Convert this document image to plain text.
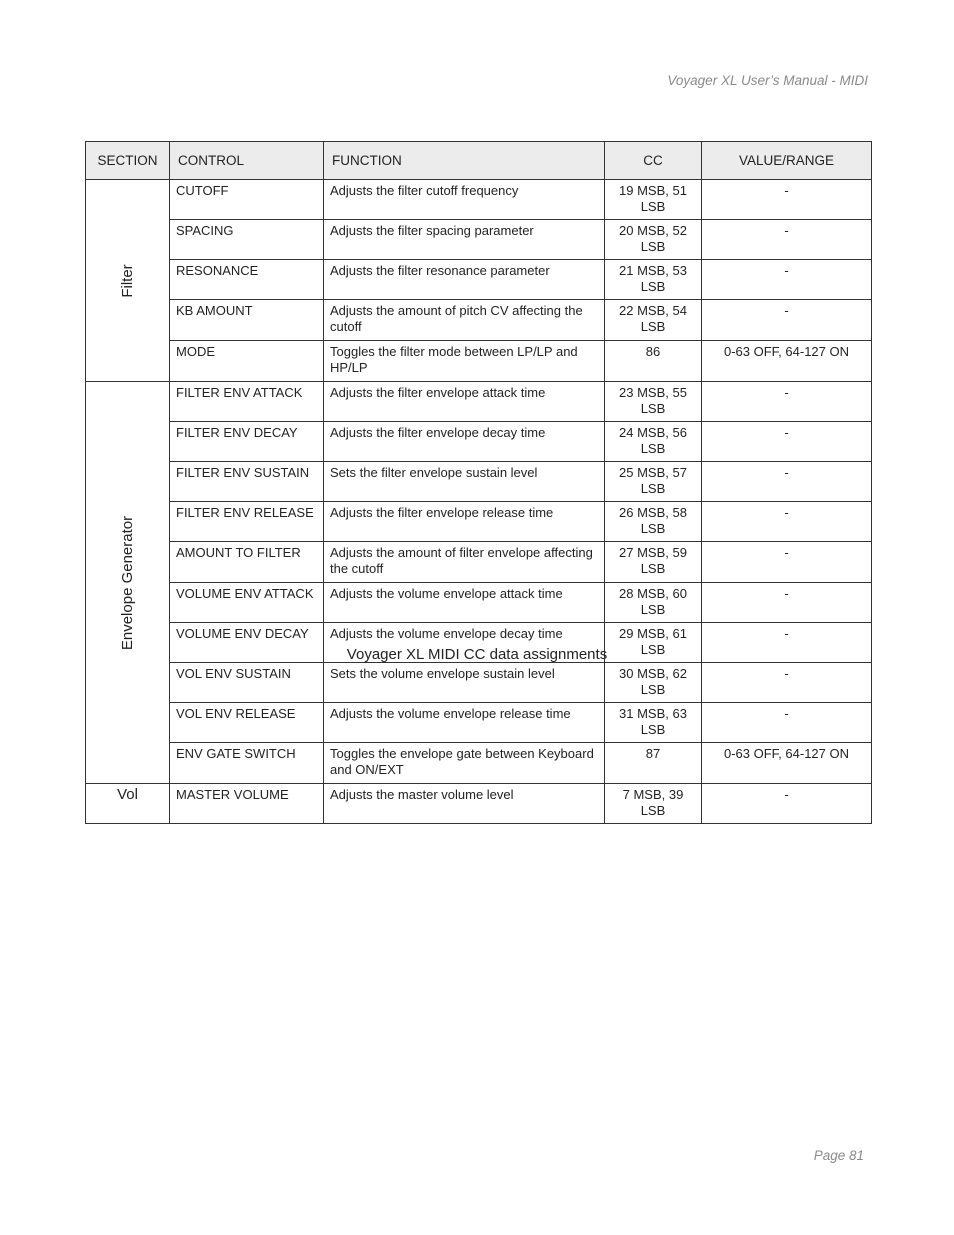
Voyager XL User’s Manual - MIDI
SECTION	CONTROL	FUNCTION	CC	VALUE/RANGE

Filter	CUTOFF	Adjusts the filter cutoff frequency	19 MSB, 51 LSB	-
	SPACING	Adjusts the filter spacing parameter	20 MSB, 52 LSB	-
	RESONANCE	Adjusts the filter resonance parameter	21 MSB, 53 LSB	-
	KB AMOUNT	Adjusts the amount of pitch CV affecting the cutoff	22 MSB, 54 LSB	-
	MODE	Toggles the filter mode between LP/LP and HP/LP	86	0-63 OFF, 64-127 ON

Envelope Generator	FILTER ENV ATTACK	Adjusts the filter envelope attack time	23 MSB, 55 LSB	-
	FILTER ENV DECAY	Adjusts the filter envelope decay time	24 MSB, 56 LSB	-
	FILTER ENV SUSTAIN	Sets the filter envelope sustain level	25 MSB, 57 LSB	-
	FILTER ENV RELEASE	Adjusts the filter envelope release time	26 MSB, 58 LSB	-
	AMOUNT TO FILTER	Adjusts the amount of filter envelope affecting the cutoff	27 MSB, 59 LSB	-
	VOLUME ENV ATTACK	Adjusts the volume envelope attack time	28 MSB, 60 LSB	-
	VOLUME ENV DECAY	Adjusts the volume envelope decay time	29 MSB, 61 LSB	-
	VOL ENV SUSTAIN	Sets the volume envelope sustain level	30 MSB, 62 LSB	-
	VOL ENV RELEASE	Adjusts the volume envelope release time	31 MSB, 63 LSB	-
	ENV GATE SWITCH	Toggles the envelope gate between Keyboard and ON/EXT	87	0-63 OFF, 64-127 ON
Vol	MASTER VOLUME	Adjusts the master volume level	7 MSB, 39 LSB	-
Voyager XL MIDI CC data assignments
Page 81
